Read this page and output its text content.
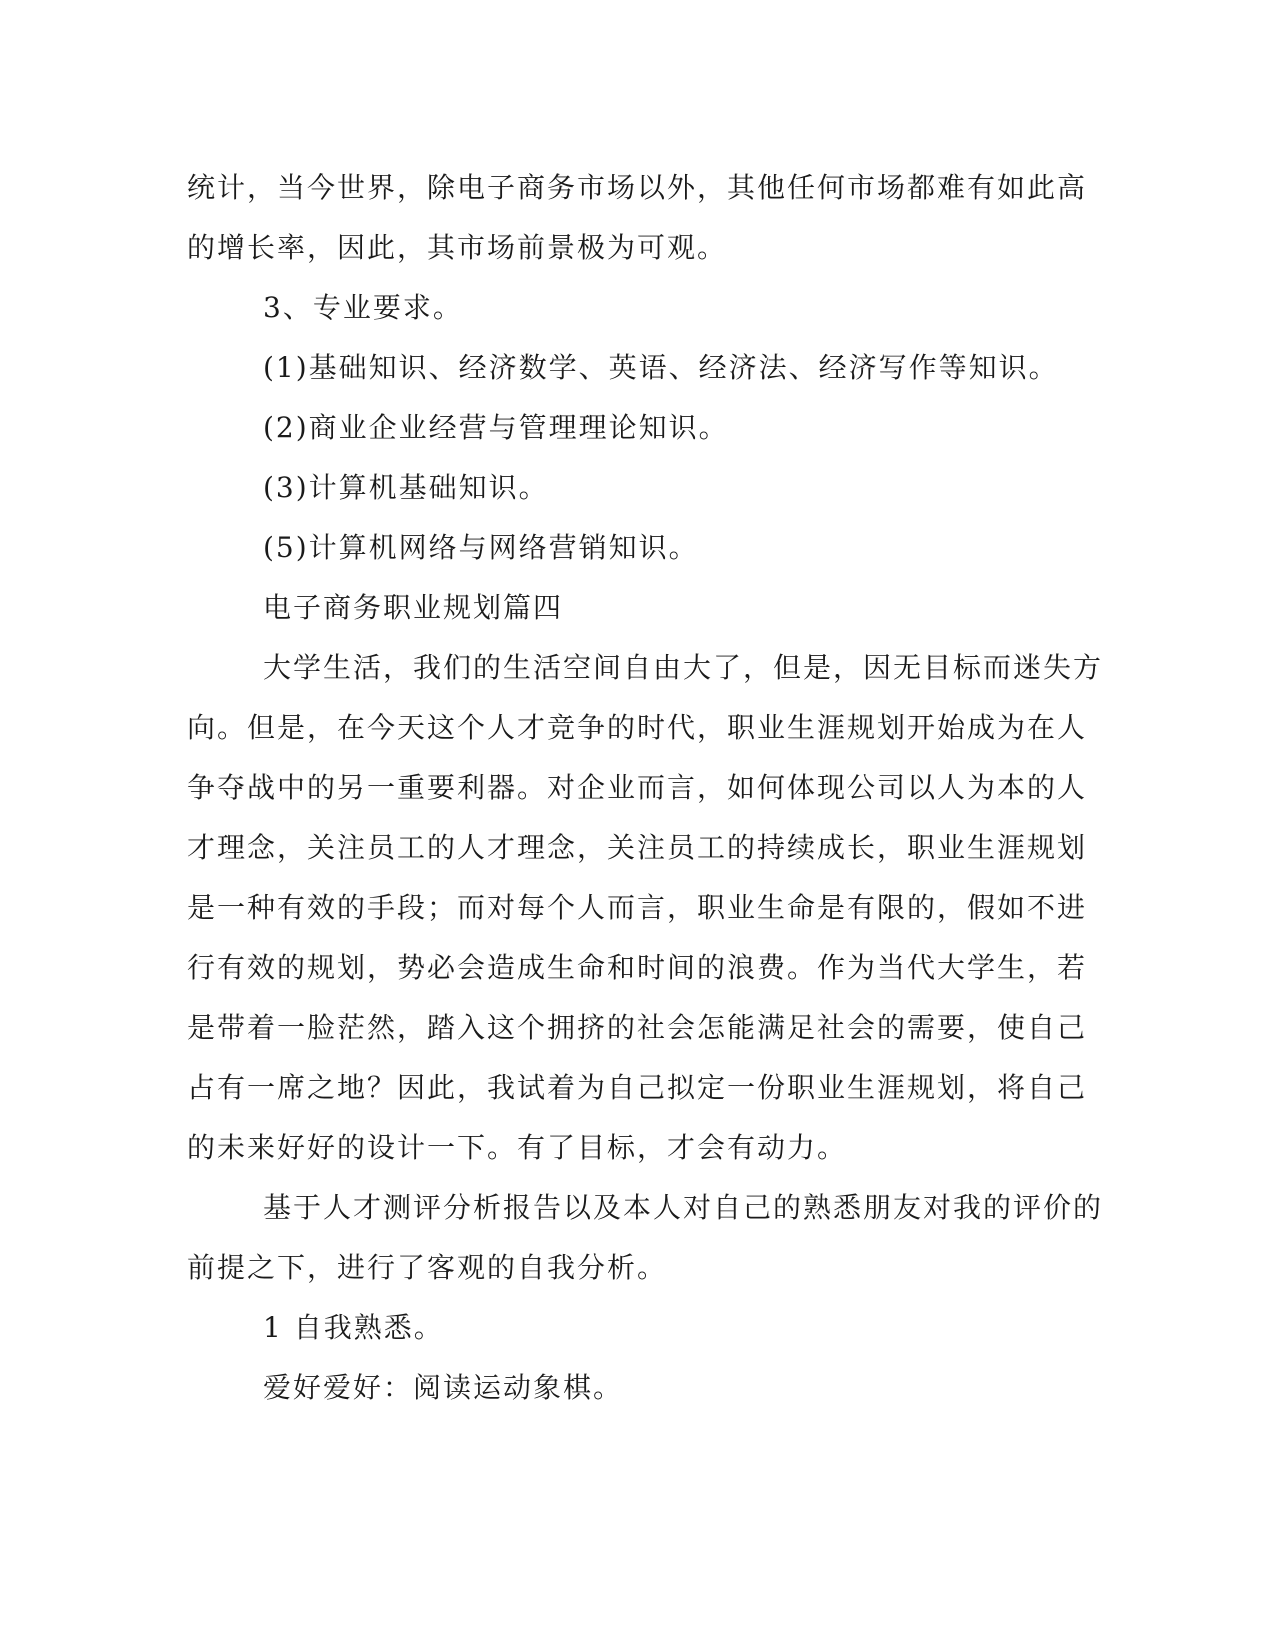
统计，当今世界，除电子商务市场以外，其他任何市场都难有如此高
的增长率，因此，其市场前景极为可观。
3、专业要求。
(1)基础知识、经济数学、英语、经济法、经济写作等知识。
(2)商业企业经营与管理理论知识。
(3)计算机基础知识。
(5)计算机网络与网络营销知识。
电子商务职业规划篇四
大学生活，我们的生活空间自由大了，但是，因无目标而迷失方
向。但是，在今天这个人才竞争的时代，职业生涯规划开始成为在人
争夺战中的另一重要利器。对企业而言，如何体现公司以人为本的人
才理念，关注员工的人才理念，关注员工的持续成长，职业生涯规划
是一种有效的手段；而对每个人而言，职业生命是有限的，假如不进
行有效的规划，势必会造成生命和时间的浪费。作为当代大学生，若
是带着一脸茫然，踏入这个拥挤的社会怎能满足社会的需要，使自己
占有一席之地？因此，我试着为自己拟定一份职业生涯规划，将自己
的未来好好的设计一下。有了目标，才会有动力。
基于人才测评分析报告以及本人对自己的熟悉朋友对我的评价的
前提之下，进行了客观的自我分析。
1 自我熟悉。
爱好爱好：阅读运动象棋。
